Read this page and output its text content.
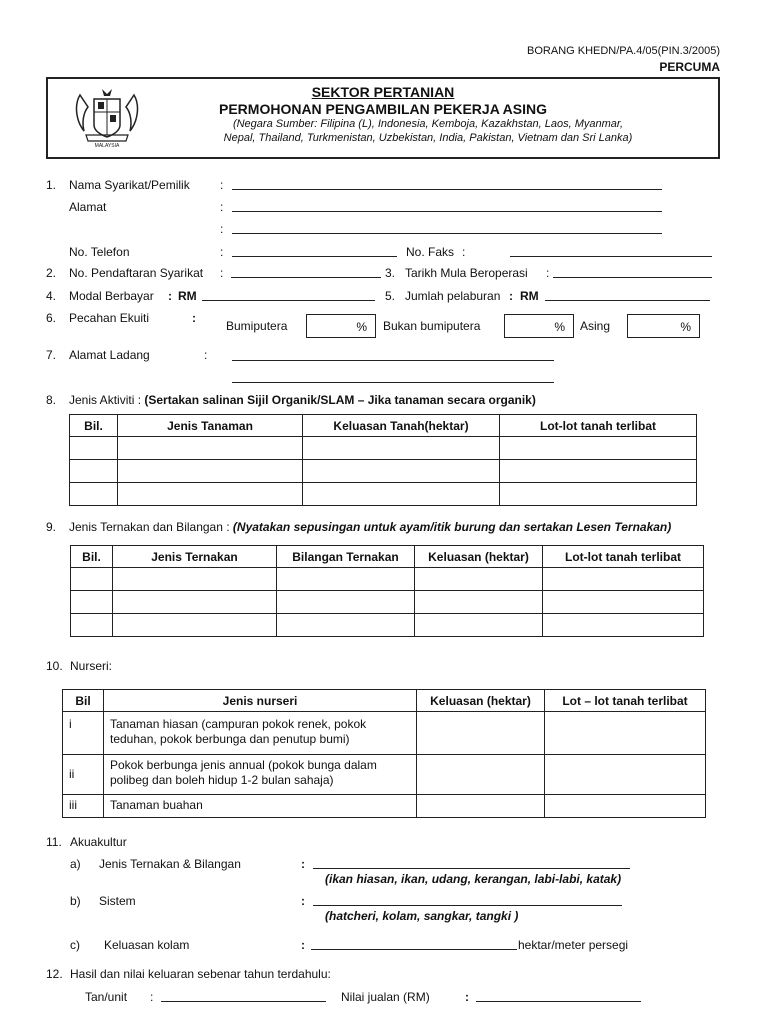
BORANG KHEDN/PA.4/05(PIN.3/2005)
PERCUMA
MALAYSIA
SEKTOR PERTANIAN
PERMOHONAN PENGAMBILAN PEKERJA ASING
(Negara Sumber: Filipina (L), Indonesia, Kemboja, Kazakhstan, Laos, Myanmar,
Nepal, Thailand, Turkmenistan, Uzbekistan, India, Pakistan, Vietnam dan Sri Lanka)
1. Nama Syarikat/Pemilik	:
Alamat	:
:
No. Telefon	:	No. Faks :
2. No. Pendaftaran Syarikat :	3. Tarikh Mula Beroperasi :
4. Modal Berbayar : RM	5. Jumlah pelaburan : RM
6. Pecahan Ekuiti	:
Bumiputera	% Bukan bumiputera	% Asing	%
7. Alamat Ladang	:
8. Jenis Aktiviti : (Sertakan salinan Sijil Organik/SLAM – Jika tanaman secara organik)
Bil.	Jenis Tanaman	Keluasan Tanah(hektar)	Lot-lot tanah terlibat

9. Jenis Ternakan dan Bilangan : (Nyatakan sepusingan untuk ayam/itik burung dan sertakan Lesen Ternakan)
Bil.	Jenis Ternakan	Bilangan Ternakan	Keluasan (hektar)	Lot-lot tanah terlibat

10. Nurseri:
Bil	Jenis nurseri	Keluasan (hektar)	Lot – lot tanah terlibat
i	Tanaman hiasan (campuran pokok renek, pokok
teduhan, pokok berbunga dan penutup bumi)		

ii	Pokok berbunga jenis annual (pokok bunga dalam
polibeg dan boleh hidup 1-2 bulan sahaja)		

iii	Tanaman buahan		
11. Akuakultur
a) Jenis Ternakan & Bilangan	:
(ikan hiasan, ikan, udang, kerangan, labi-labi, katak)
b) Sistem	:
(hatcheri, kolam, sangkar, tangki )
c) Keluasan kolam	:	hektar/meter persegi
12. Hasil dan nilai keluaran sebenar tahun terdahulu:
Tan/unit :	Nilai jualan (RM)	:
